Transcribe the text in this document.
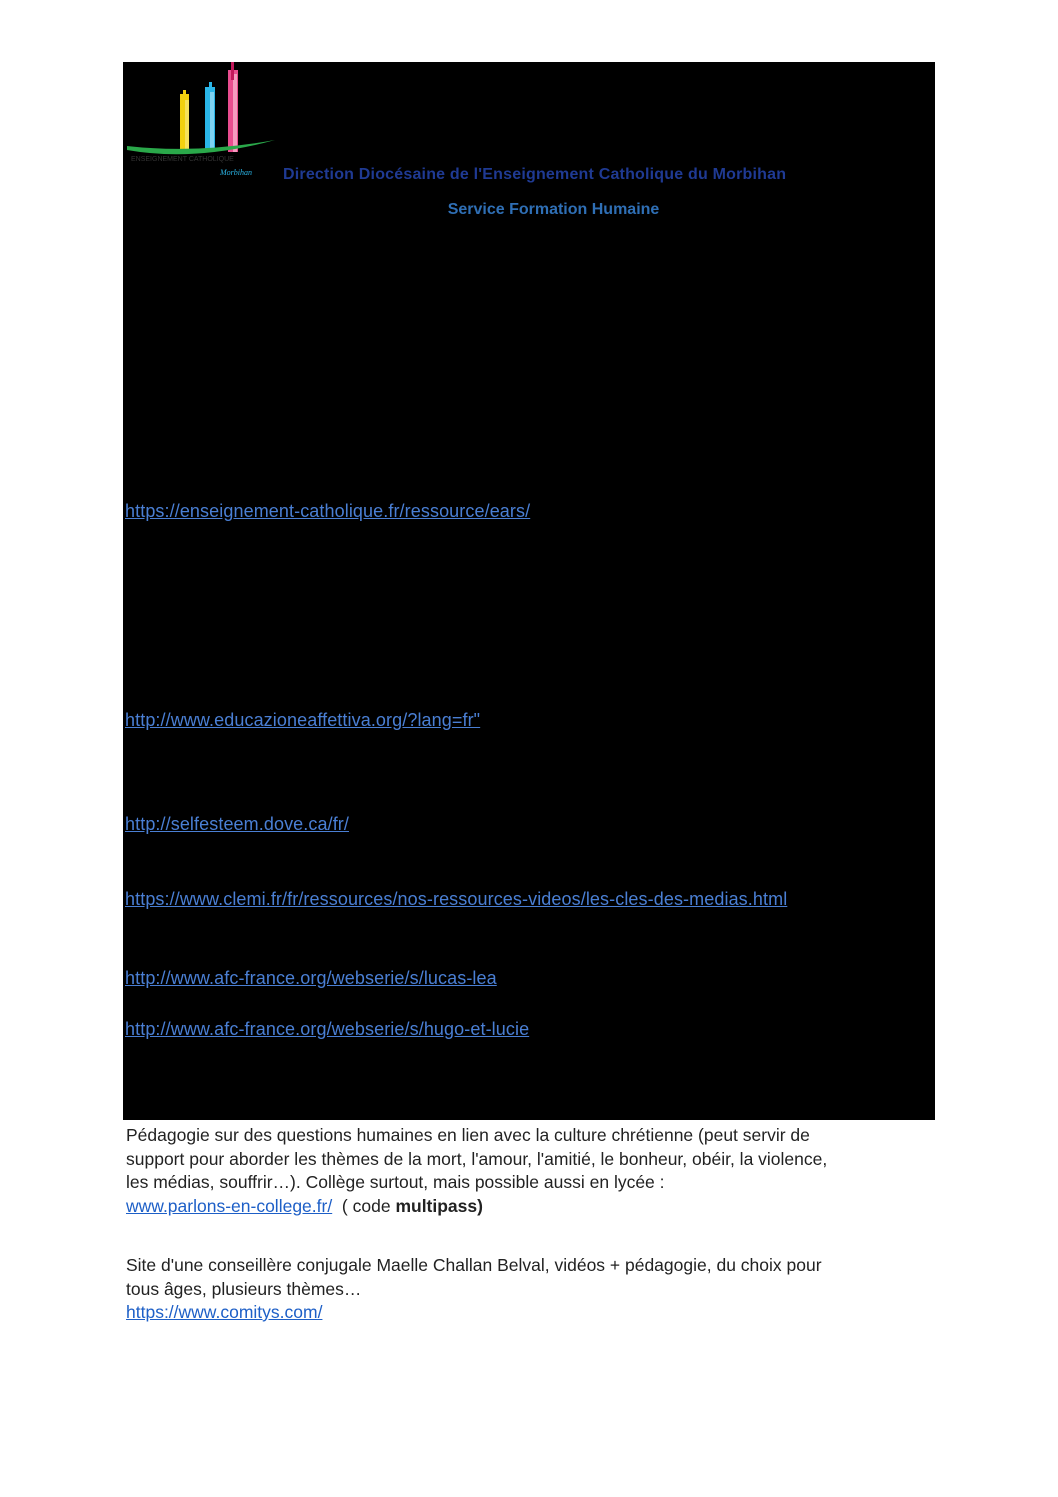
ENSEIGNEMENT CATHOLIQUE
Morbihan Direction Diocésaine de l'Enseignement Catholique du Morbihan
Service Formation Humaine
https://enseignement-catholique.fr/ressource/ears/
http://www.educazioneaffettiva.org/?lang=fr"
http://selfesteem.dove.ca/fr/
https://www.clemi.fr/fr/ressources/nos-ressources-videos/les-cles-des-medias.html
http://www.afc-france.org/webserie/s/lucas-lea
http://www.afc-france.org/webserie/s/hugo-et-lucie
Pédagogie sur des questions humaines en lien avec la culture chrétienne (peut servir de
support pour aborder les thèmes de la mort, l'amour, l'amitié, le bonheur, obéir, la violence,
les médias, souffrir…). Collège surtout, mais possible aussi en lycée :
www.parlons-en-college.fr/  ( code multipass)
Site d'une conseillère conjugale Maelle Challan Belval, vidéos + pédagogie, du choix pour
tous âges, plusieurs thèmes…
https://www.comitys.com/
